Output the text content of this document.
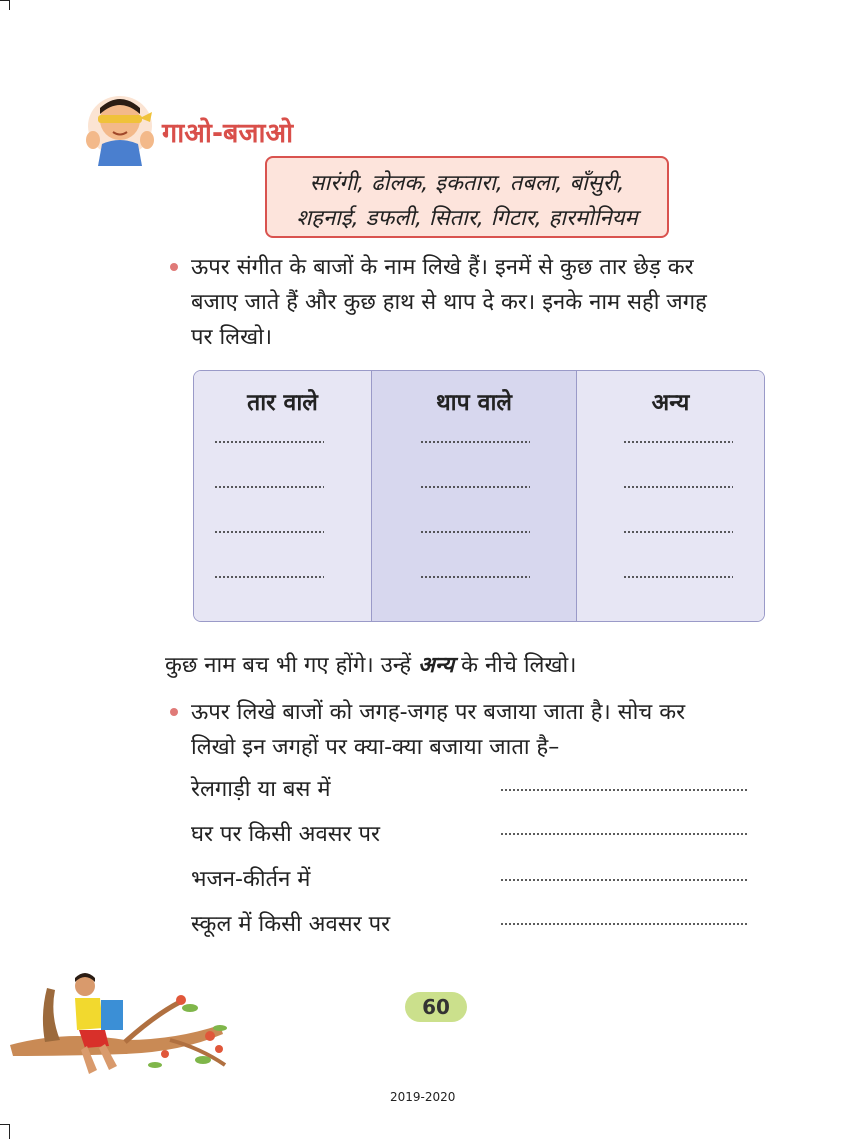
गाओ-बजाओ
सारंगी, ढोलक, इकतारा, तबला, बाँसुरी,
शहनाई, डफली, सितार, गिटार, हारमोनियम
ऊपर संगीत के बाजों के नाम लिखे हैं। इनमें से कुछ तार छेड़ कर
बजाए जाते हैं और कुछ हाथ से थाप दे कर। इनके नाम सही जगह
पर लिखो।
तार वाले	थाप वाले	अन्य
कुछ नाम बच भी गए होंगे। उन्हें अन्य के नीचे लिखो।
ऊपर लिखे बाजों को जगह-जगह पर बजाया जाता है। सोच कर
लिखो इन जगहों पर क्या-क्या बजाया जाता है–
रेलगाड़ी या बस में
घर पर किसी अवसर पर
भजन-कीर्तन में
स्कूल में किसी अवसर पर
60
2019-2020
